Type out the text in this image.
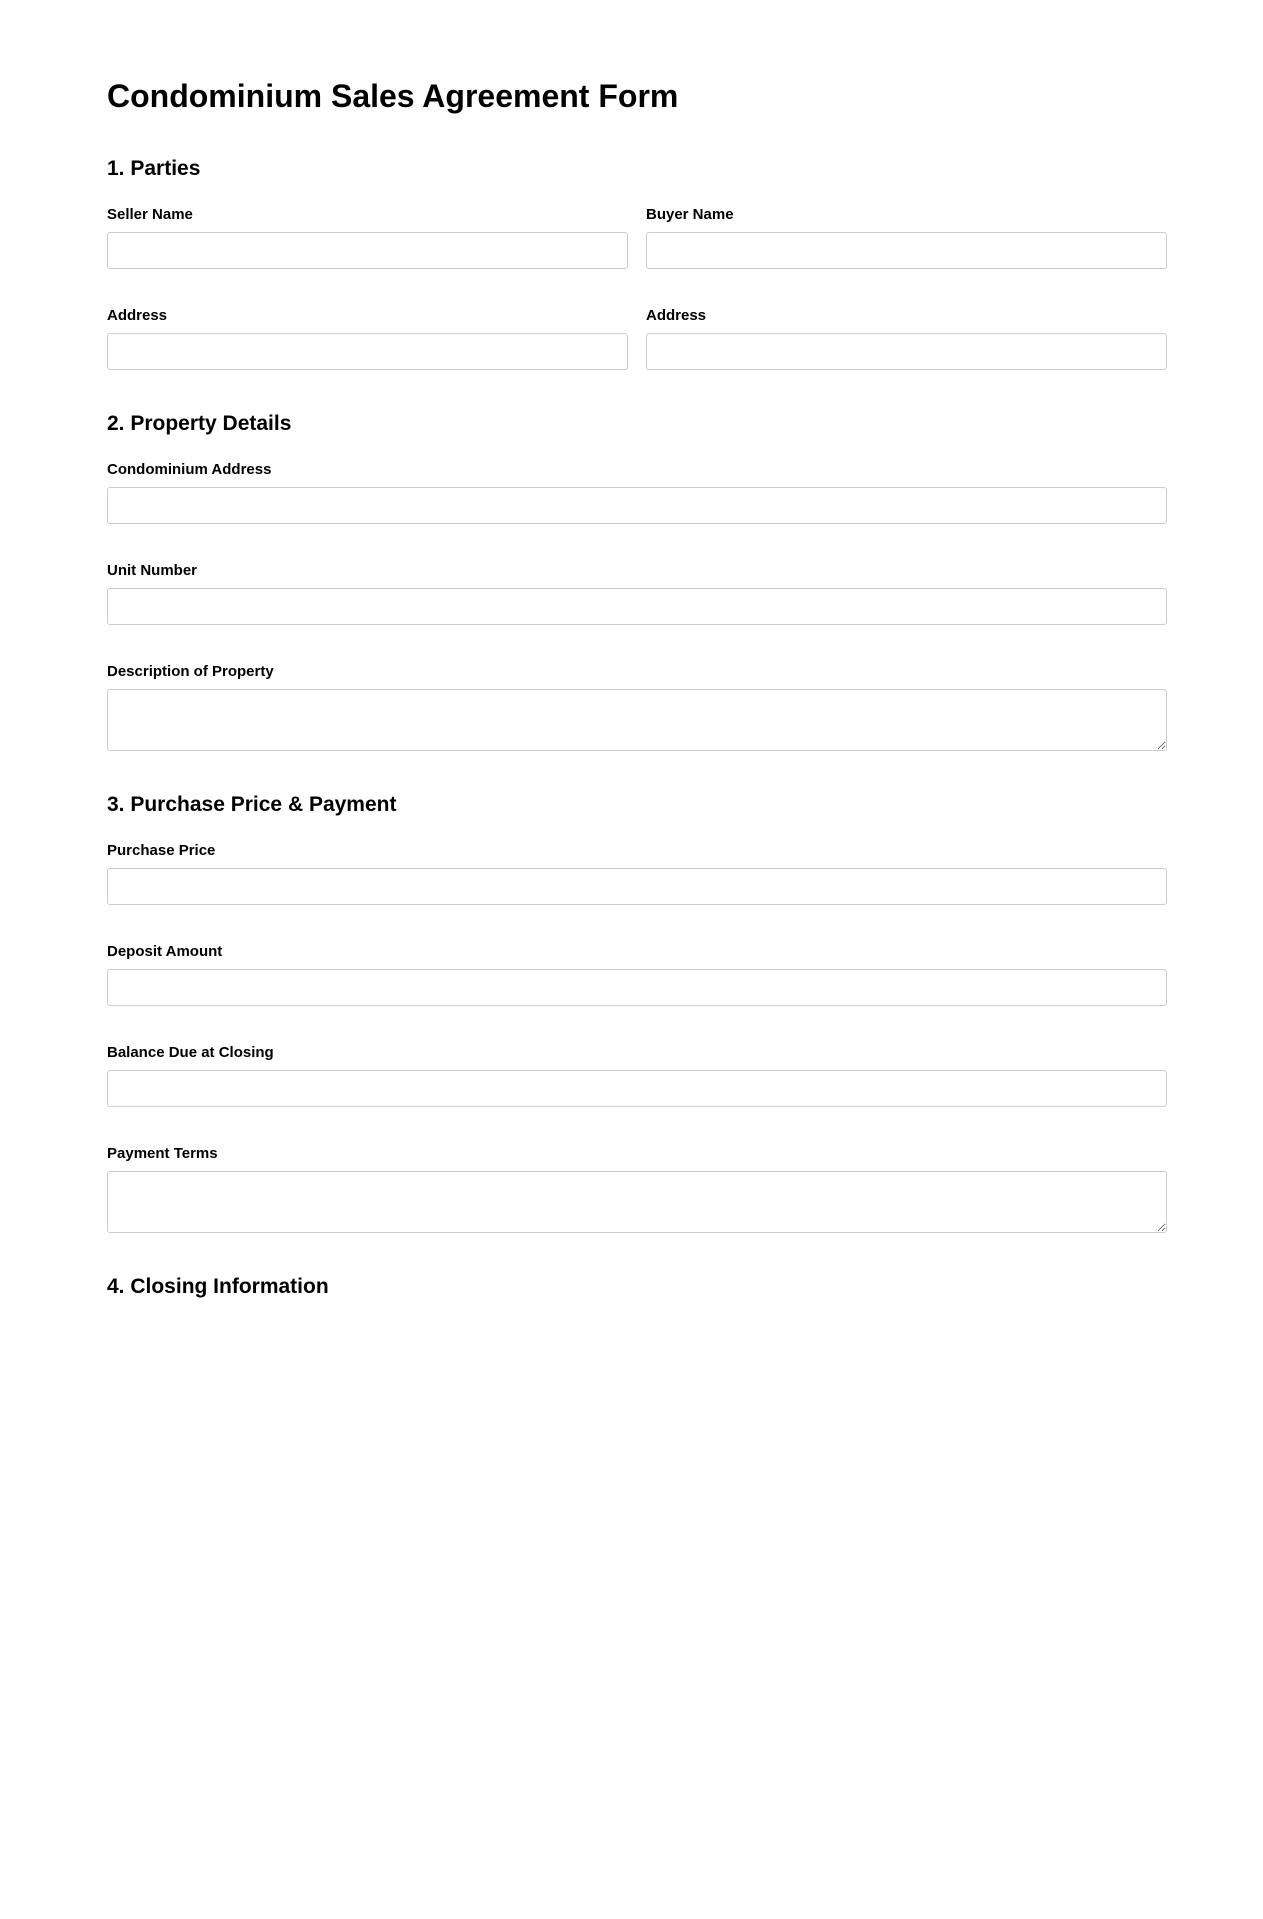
Condominium Sales Agreement Form
1. Parties
Seller Name	Buyer Name
Address	Address
2. Property Details
Condominium Address
Unit Number
Description of Property
3. Purchase Price & Payment
Purchase Price
Deposit Amount
Balance Due at Closing
Payment Terms
4. Closing Information
